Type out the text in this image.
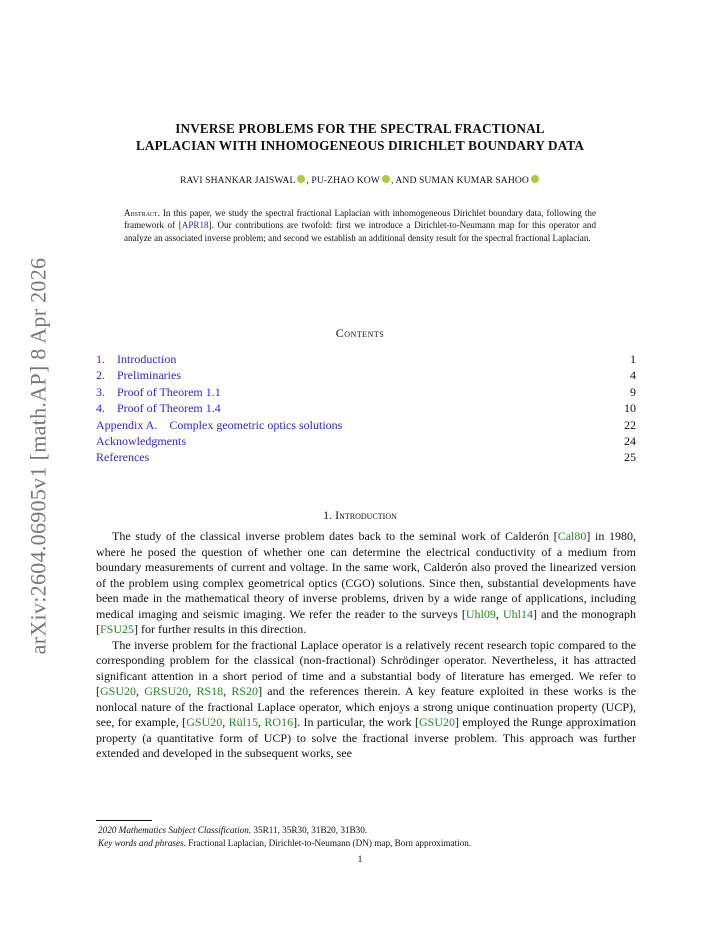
arXiv:2604.06905v1 [math.AP] 8 Apr 2026
INVERSE PROBLEMS FOR THE SPECTRAL FRACTIONAL
LAPLACIAN WITH INHOMOGENEOUS DIRICHLET BOUNDARY DATA
RAVI SHANKAR JAISWAL , PU-ZHAO KOW , AND SUMAN KUMAR SAHOO
Abstract. In this paper, we study the spectral fractional Laplacian with inhomogeneous Dirichlet boundary data, following the framework of [APR18]. Our contributions are twofold: first we introduce a Dirichlet-to-Neumann map for this operator and analyze an associated inverse problem; and second we establish an additional density result for the spectral fractional Laplacian.
Contents
1. Introduction	1
2. Preliminaries	4
3. Proof of Theorem 1.1	9
4. Proof of Theorem 1.4	10
Appendix A. Complex geometric optics solutions	22
Acknowledgments	24
References	25
1. Introduction

The study of the classical inverse problem dates back to the seminal work of Calderón [Cal80] in 1980, where he posed the question of whether one can determine the electrical conductivity of a medium from boundary measurements of current and voltage. In the same work, Calderón also proved the linearized version of the problem using complex geometrical optics (CGO) solutions. Since then, substantial developments have been made in the mathematical theory of inverse problems, driven by a wide range of applications, including medical imaging and seismic imaging. We refer the reader to the surveys [Uhl09, Uhl14] and the monograph [FSU25] for further results in this direction.

The inverse problem for the fractional Laplace operator is a relatively recent research topic compared to the corresponding problem for the classical (non-fractional) Schrödinger operator. Nevertheless, it has attracted significant attention in a short period of time and a substantial body of literature has emerged. We refer to [GSU20, GRSU20, RS18, RS20] and the references therein. A key feature exploited in these works is the nonlocal nature of the fractional Laplace operator, which enjoys a strong unique continuation property (UCP), see, for example, [GSU20, Rül15, RO16]. In particular, the work [GSU20] employed the Runge approximation property (a quantitative form of UCP) to solve the fractional inverse problem. This approach was further extended and developed in the subsequent works, see

2020 Mathematics Subject Classification. 35R11, 35R30, 31B20, 31B30.
Key words and phrases. Fractional Laplacian, Dirichlet-to-Neumann (DN) map, Born approximation.
1
